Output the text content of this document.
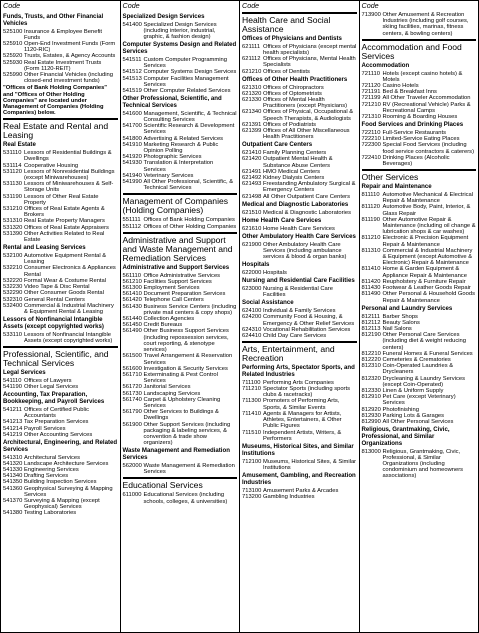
Code
Funds, Trusts, and Other Financial Vehicles
525100 Insurance & Employee Benefit Funds
525910 Open-End Investment Funds (Form 1120-RIC)
525920 Trusts, Estates, & Agency Accounts
525930 Real Estate Investment Trusts (Form 1120-REIT)
525990 Other Financial Vehicles (including closed-end investment funds)
"Offices of Bank Holding Companies" and "Offices of Other Holding Companies" are located under Management of Companies (Holding Companies) below.
Real Estate and Rental and Leasing
Real Estate
531110 Lessors of Residential Buildings & Dwellings
531114 Cooperative Housing
531120 Lessors of Nonresidential Buildings (except Miniwarehouses)
531130 Lessors of Miniwarehouses & Self-Storage Units
531190 Lessors of Other Real Estate Property
531210 Offices of Real Estate Agents & Brokers
531310 Real Estate Property Managers
531320 Offices of Real Estate Appraisers
531390 Other Activities Related to Real Estate
Rental and Leasing Services
532100 Automotive Equipment Rental & Leasing
532210 Consumer Electronics & Appliances Rental
532220 Formal Wear & Costume Rental
532230 Video Tape & Disc Rental
532290 Other Consumer Goods Rental
532310 General Rental Centers
532400 Commercial & Industrial Machinery & Equipment Rental & Leasing
Lessors of Nonfinancial Intangible Assets (except copyrighted works)
533110 Lessors of Nonfinancial Intangible Assets (except copyrighted works)
Professional, Scientific, and Technical Services
Legal Services
541110 Offices of Lawyers
541190 Other Legal Services
Accounting, Tax Preparation, Bookkeeping, and Payroll Services
541211 Offices of Certified Public Accountants
541213 Tax Preparation Services
541214 Payroll Services
541219 Other Accounting Services
Architectural, Engineering, and Related Services
541310 Architectural Services
541320 Landscape Architecture Services
541330 Engineering Services
541340 Drafting Services
541350 Building Inspection Services
541360 Geophysical Surveying & Mapping Services
541370 Surveying & Mapping (except Geophysical) Services
541380 Testing Laboratories
Code
Specialized Design Services
541400 Specialized Design Services (including interior, industrial, graphic, & fashion design)
Computer Systems Design and Related Services
541511 Custom Computer Programming Services
541512 Computer Systems Design Services
541513 Computer Facilities Management Services
541519 Other Computer Related Services
Other Professional, Scientific, and Technical Services
541600 Management, Scientific, & Technical Consulting Services
541700 Scientific Research & Development Services
541800 Advertising & Related Services
541910 Marketing Research & Public Opinion Polling
541920 Photographic Services
541930 Translation & Interpretation Services
541940 Veterinary Services
541990 All Other Professional, Scientific, & Technical Services
Management of Companies (Holding Companies)
551111 Offices of Bank Holding Companies
551112 Offices of Other Holding Companies
Administrative and Support and Waste Management and Remediation Services
Administrative and Support Services
561110 Office Administrative Services
561210 Facilities Support Services
561300 Employment Services
561410 Document Preparation Services
561420 Telephone Call Centers
561430 Business Service Centers (including private mail centers & copy shops)
561440 Collection Agencies
561450 Credit Bureaus
561490 Other Business Support Services (including repossession services, court reporting, & stenotype services)
561500 Travel Arrangement & Reservation Services
561600 Investigation & Security Services
561710 Exterminating & Pest Control Services
561720 Janitorial Services
561730 Landscaping Services
561740 Carpet & Upholstery Cleaning Services
561790 Other Services to Buildings & Dwellings
561900 Other Support Services (including packaging & labeling services, & convention & trade show organizers)
Waste Management and Remediation Services
562000 Waste Management & Remediation Services
Educational Services
611000 Educational Services (including schools, colleges, & universities)
Code
Health Care and Social Assistance
Offices of Physicians and Dentists
621111 Offices of Physicians (except mental health specialists)
621112 Offices of Physicians, Mental Health Specialists
621210 Offices of Dentists
Offices of Other Health Practitioners
621310 Offices of Chiropractors
621320 Offices of Optometrists
621330 Offices of Mental Health Practitioners (except Physicians)
621340 Offices of Physical, Occupational & Speech Therapists, & Audiologists
621391 Offices of Podiatrists
621399 Offices of All Other Miscellaneous Health Practitioners
Outpatient Care Centers
621410 Family Planning Centers
621420 Outpatient Mental Health & Substance Abuse Centers
621491 HMO Medical Centers
621492 Kidney Dialysis Centers
621493 Freestanding Ambulatory Surgical & Emergency Centers
621498 All Other Outpatient Care Centers
Medical and Diagnostic Laboratories
621510 Medical & Diagnostic Laboratories
Home Health Care Services
621610 Home Health Care Services
Other Ambulatory Health Care Services
621900 Other Ambulatory Health Care Services (including ambulance services & blood & organ banks)
Hospitals
622000 Hospitals
Nursing and Residential Care Facilities
623000 Nursing & Residential Care Facilities
Social Assistance
624100 Individual & Family Services
624200 Community Food & Housing, & Emergency & Other Relief Services
624310 Vocational Rehabilitation Services
624410 Child Day Care Services
Arts, Entertainment, and Recreation
Performing Arts, Spectator Sports, and Related Industries
711100 Performing Arts Companies
711210 Spectator Sports (including sports clubs & racetracks)
711300 Promoters of Performing Arts, Sports, & Similar Events
711410 Agents & Managers for Artists, Athletes, Entertainers, & Other Public Figures
711510 Independent Artists, Writers, & Performers
Museums, Historical Sites, and Similar Institutions
712100 Museums, Historical Sites, & Similar Institutions
Amusement, Gambling, and Recreation Industries
713100 Amusement Parks & Arcades
713200 Gambling Industries
Code
713900 Other Amusement & Recreation Industries (including golf courses, skiing facilities, marinas, fitness centers, & bowling centers)
Accommodation and Food Services
Accommodation
721110 Hotels (except casino hotels) & Motels
721120 Casino Hotels
721191 Bed & Breakfast Inns
721199 All Other Traveler Accommodation
721210 RV (Recreational Vehicle) Parks & Recreational Camps
721310 Rooming & Boarding Houses
Food Services and Drinking Places
722110 Full-Service Restaurants
722210 Limited-Service Eating Places
722300 Special Food Services (including food service contractors & caterers)
722410 Drinking Places (Alcoholic Beverages)
Other Services
Repair and Maintenance
811110 Automotive Mechanical & Electrical Repair & Maintenance
811120 Automotive Body, Paint, Interior, & Glass Repair
811190 Other Automotive Repair & Maintenance (including oil change & lubrication shops & car washes)
811210 Electronic & Precision Equipment Repair & Maintenance
811310 Commercial & Industrial Machinery & Equipment (except Automotive & Electronic) Repair & Maintenance
811410 Home & Garden Equipment & Appliance Repair & Maintenance
811420 Reupholstery & Furniture Repair
811430 Footwear & Leather Goods Repair
811490 Other Personal & Household Goods Repair & Maintenance
Personal and Laundry Services
812111 Barber Shops
812112 Beauty Salons
812113 Nail Salons
812190 Other Personal Care Services (including diet & weight reducing centers)
812210 Funeral Homes & Funeral Services
812220 Cemeteries & Crematories
812310 Coin-Operated Laundries & Drycleaners
812320 Drycleaning & Laundry Services (except Coin-Operated)
812330 Linen & Uniform Supply
812910 Pet Care (except Veterinary) Services
812920 Photofinishing
812930 Parking Lots & Garages
812990 All Other Personal Services
Religious, Grantmaking, Civic, Professional, and Similar Organizations
813000 Religious, Grantmaking, Civic, Professional, & Similar Organizations (including condominium and homeowners associations)
